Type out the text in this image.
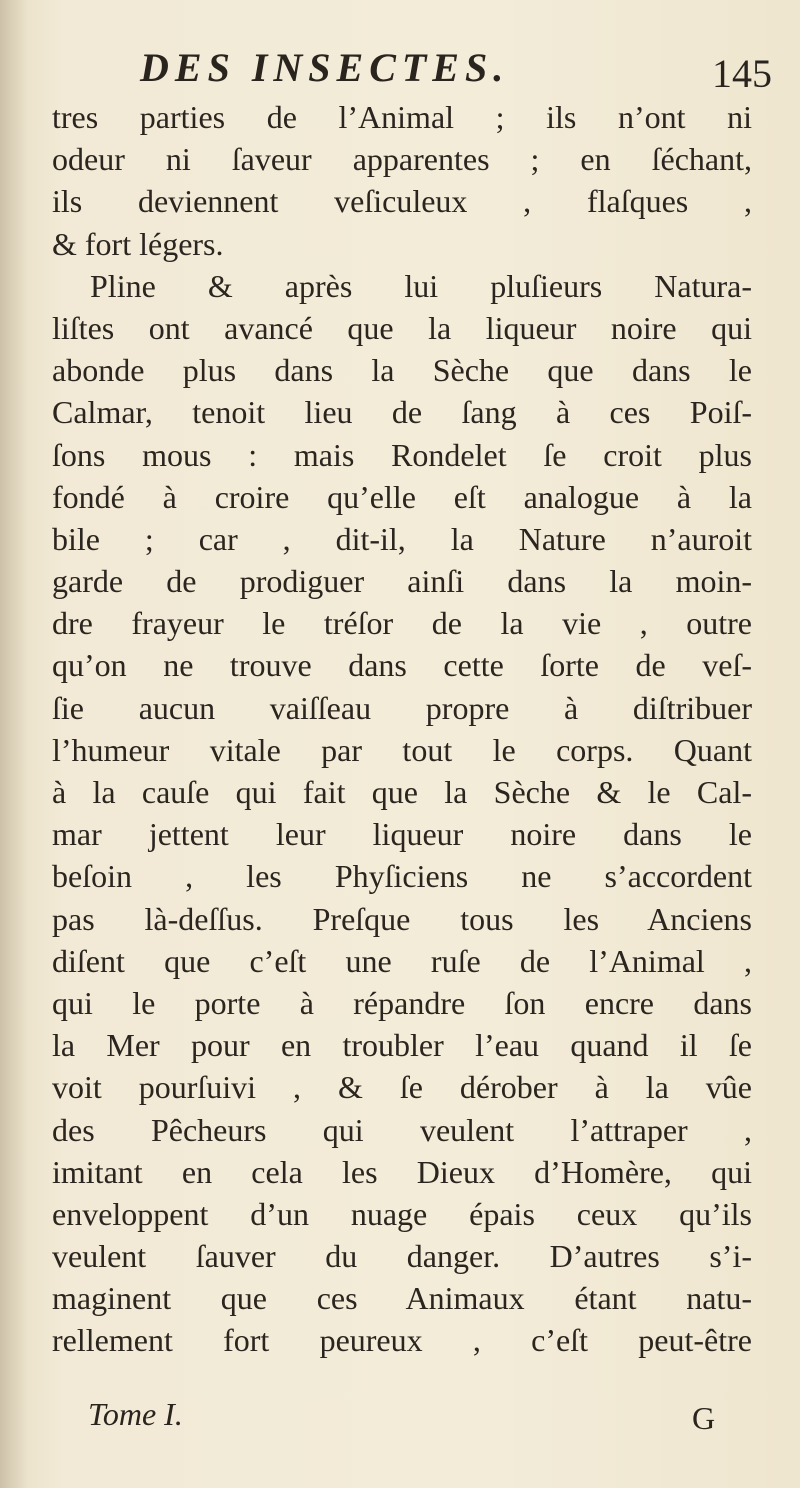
DES INSECTES.	145
tres parties de l’Animal ; ils n’ont ni
odeur ni ſaveur apparentes ; en ſéchant,
ils deviennent veſiculeux , flaſques ,
& fort légers.
Pline & après lui pluſieurs Natura-
liſtes ont avancé que la liqueur noire qui
abonde plus dans la Sèche que dans le
Calmar, tenoit lieu de ſang à ces Poiſ-
ſons mous : mais Rondelet ſe croit plus
fondé à croire qu’elle eſt analogue à la
bile ; car , dit-il, la Nature n’auroit
garde de prodiguer ainſi dans la moin-
dre frayeur le tréſor de la vie , outre
qu’on ne trouve dans cette ſorte de veſ-
ſie aucun vaiſſeau propre à diſtribuer
l’humeur vitale par tout le corps. Quant
à la cauſe qui fait que la Sèche & le Cal-
mar jettent leur liqueur noire dans le
beſoin , les Phyſiciens ne s’accordent
pas là-deſſus. Preſque tous les Anciens
diſent que c’eſt une ruſe de l’Animal ,
qui le porte à répandre ſon encre dans
la Mer pour en troubler l’eau quand il ſe
voit pourſuivi , & ſe dérober à la vûe
des Pêcheurs qui veulent l’attraper ,
imitant en cela les Dieux d’Homère, qui
enveloppent d’un nuage épais ceux qu’ils
veulent ſauver du danger. D’autres s’i-
maginent que ces Animaux étant natu-
rellement fort peureux , c’eſt peut-être
Tome I.	G
